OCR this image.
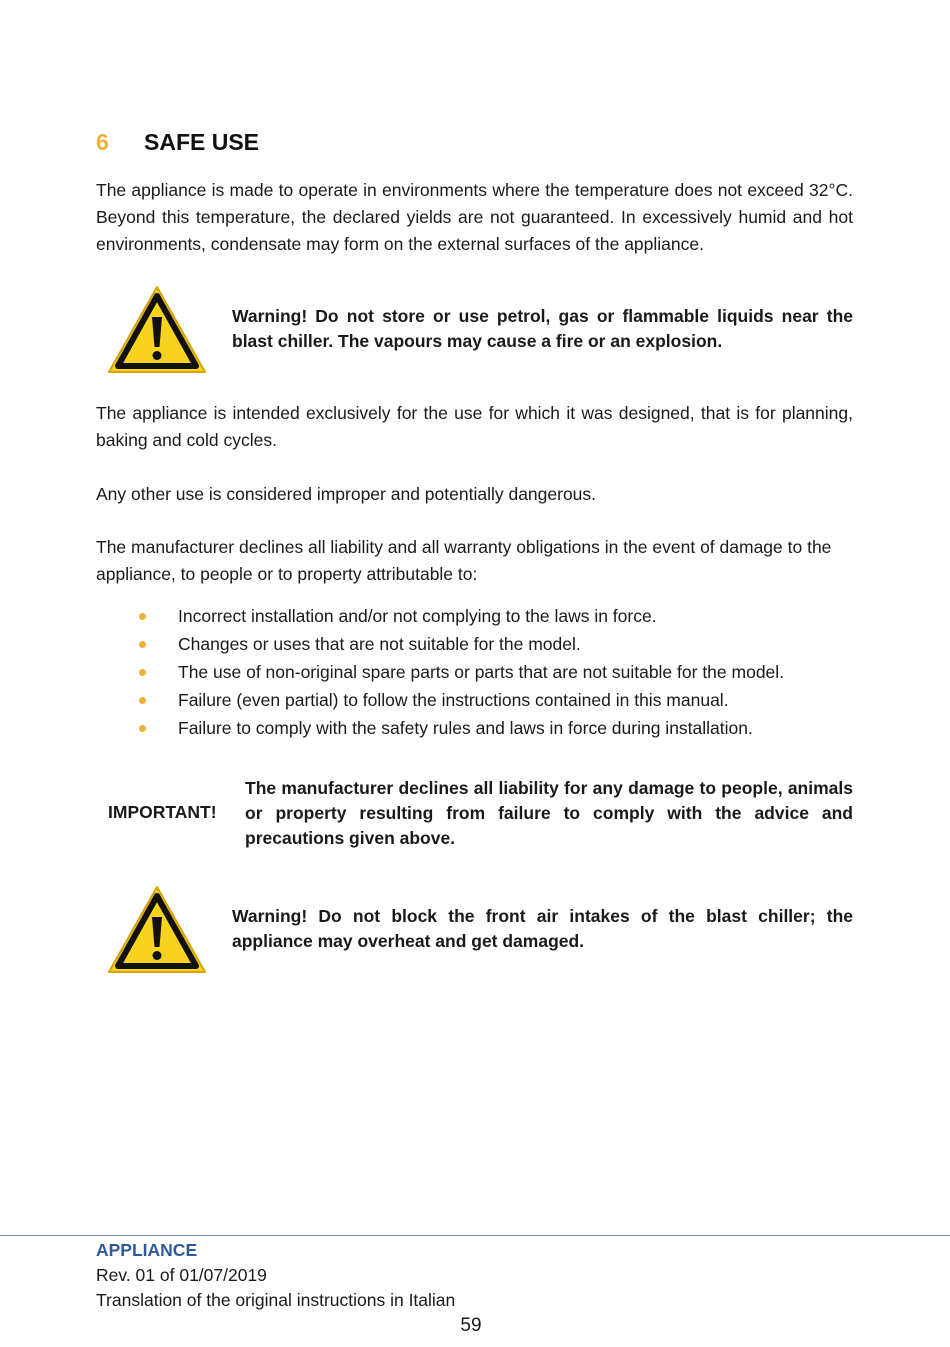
6	SAFE USE

The appliance is made to operate in environments where the temperature does not exceed 32°C. Beyond this temperature, the declared yields are not guaranteed. In excessively humid and hot environments, condensate may form on the external surfaces of the appliance.

Warning! Do not store or use petrol, gas or flammable liquids near the blast chiller. The vapours may cause a fire or an explosion.

The appliance is intended exclusively for the use for which it was designed, that is for planning, baking and cold cycles.

Any other use is considered improper and potentially dangerous.

The manufacturer declines all liability and all warranty obligations in the event of damage to the appliance, to people or to property attributable to:

Incorrect installation and/or not complying to the laws in force.
Changes or uses that are not suitable for the model.
The use of non-original spare parts or parts that are not suitable for the model.
Failure (even partial) to follow the instructions contained in this manual.
Failure to comply with the safety rules and laws in force during installation.
IMPORTANT!
The manufacturer declines all liability for any damage to people, animals or property resulting from failure to comply with the advice and precautions given above.
Warning! Do not block the front air intakes of the blast chiller; the appliance may overheat and get damaged.
APPLIANCE
Rev. 01 of 01/07/2019
Translation of the original instructions in Italian
59
